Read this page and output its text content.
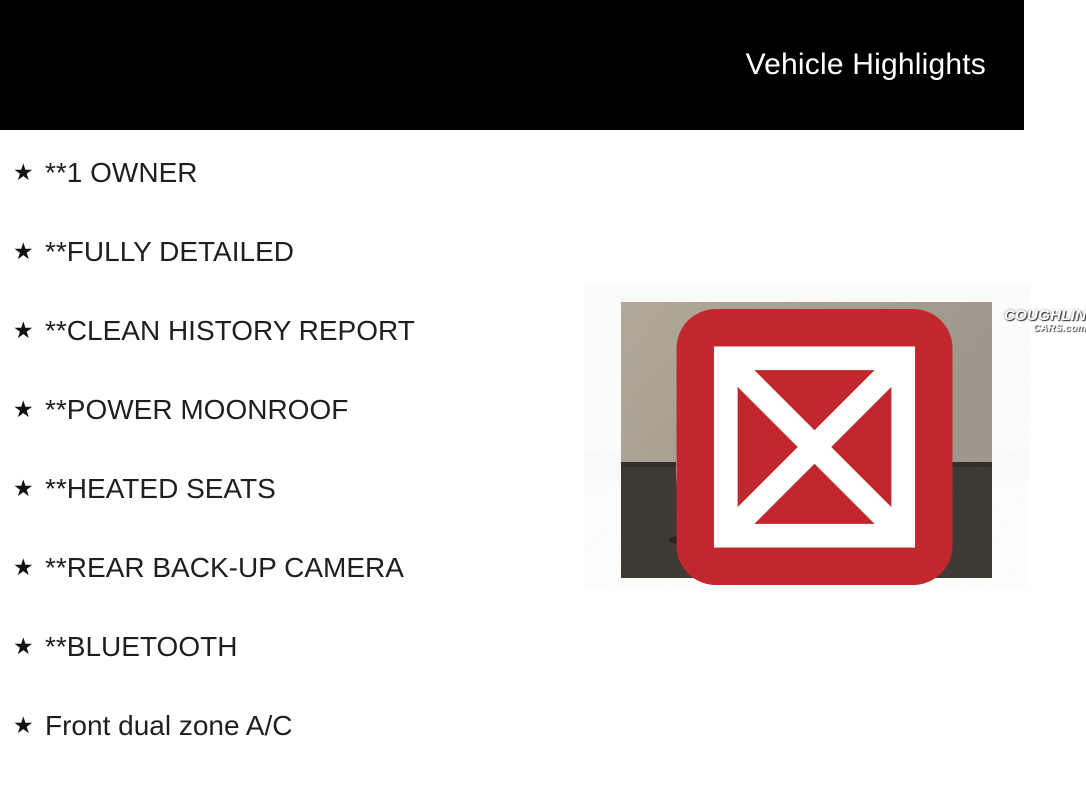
Vehicle Highlights
★ **1 OWNER
★ **FULLY DETAILED
★ **CLEAN HISTORY REPORT
★ **POWER MOONROOF
★ **HEATED SEATS
★ **REAR BACK-UP CAMERA
★ **BLUETOOTH
★ Front dual zone A/C
COUGHLIN
CARS.com
